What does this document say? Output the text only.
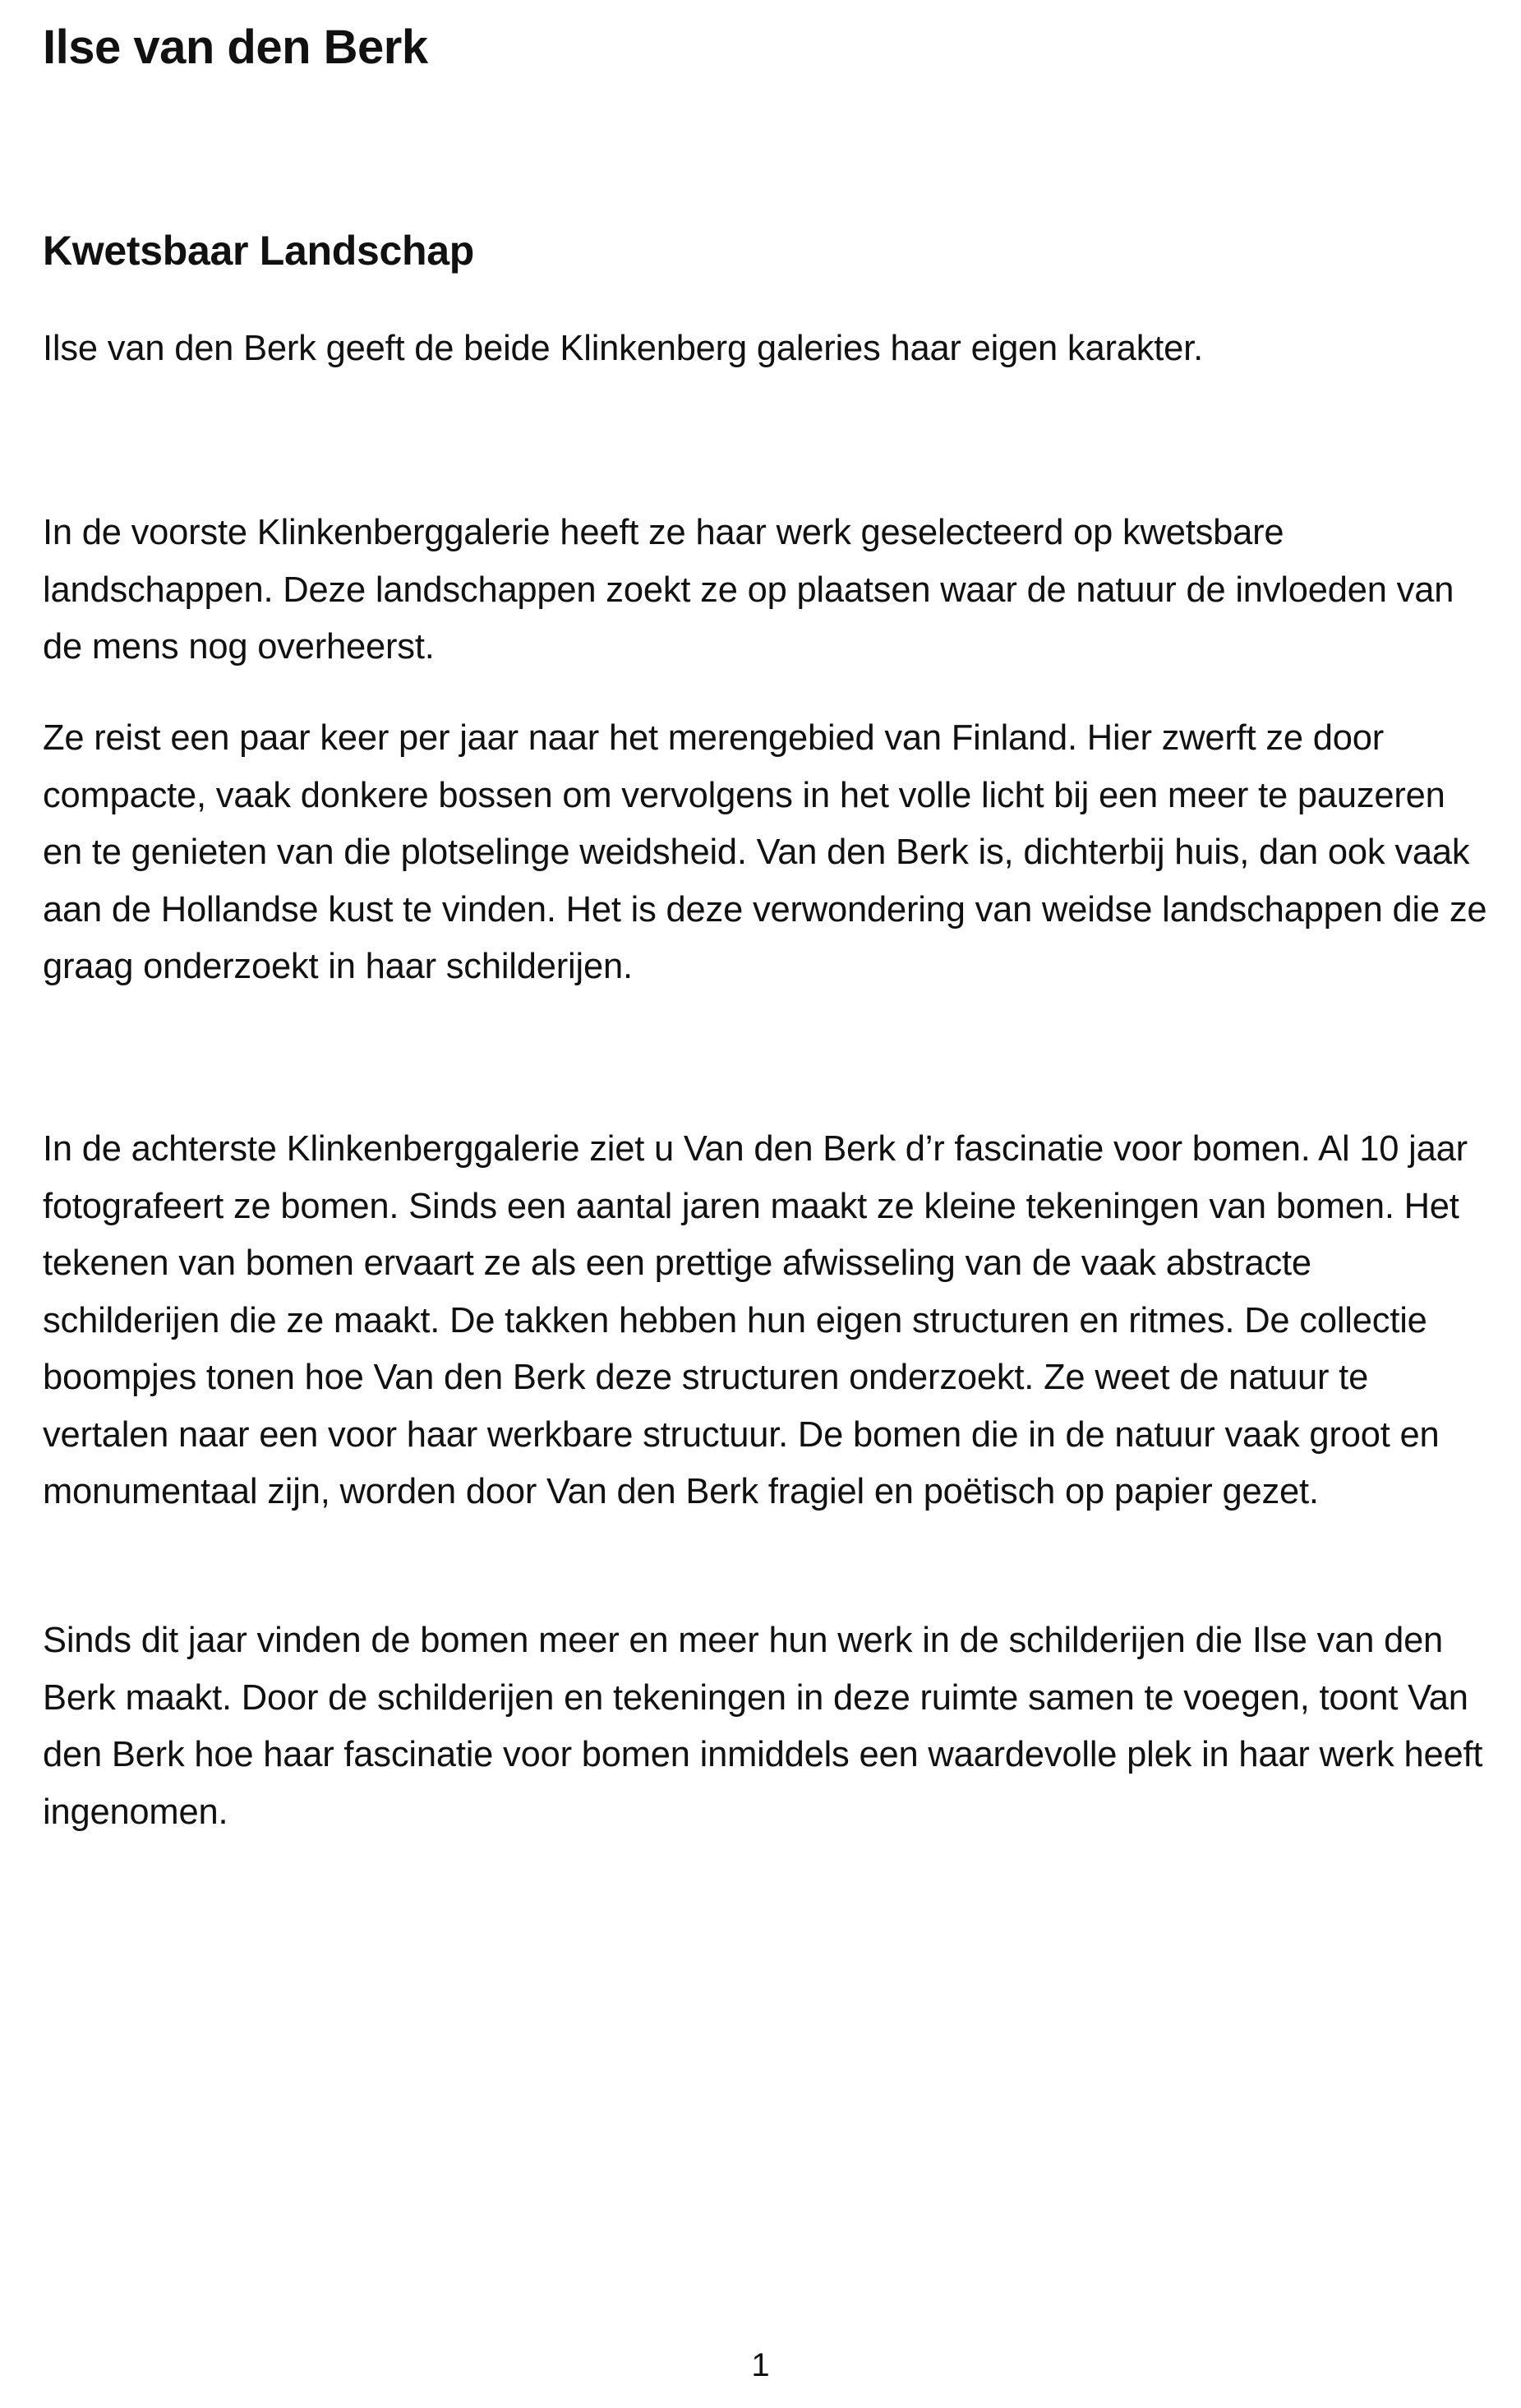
Ilse van den Berk
Kwetsbaar Landschap

Ilse van den Berk geeft de beide Klinkenberg galeries haar eigen karakter.

In de voorste Klinkenberggalerie heeft ze haar werk geselecteerd op kwetsbare landschappen. Deze landschappen zoekt ze op plaatsen waar de natuur de invloeden van de mens nog overheerst.

Ze reist een paar keer per jaar naar het merengebied van Finland. Hier zwerft ze door compacte, vaak donkere bossen om vervolgens in het volle licht bij een meer te pauzeren en te genieten van die plotselinge weidsheid. Van den Berk is, dichterbij huis, dan ook vaak aan de Hollandse kust te vinden. Het is deze verwondering van weidse landschappen die ze graag onderzoekt in haar schilderijen.

In de achterste Klinkenberggalerie ziet u Van den Berk d’r fascinatie voor bomen. Al 10 jaar fotografeert ze bomen. Sinds een aantal jaren maakt ze kleine tekeningen van bomen. Het tekenen van bomen ervaart ze als een prettige afwisseling van de vaak abstracte schilderijen die ze maakt. De takken hebben hun eigen structuren en ritmes. De collectie boompjes tonen hoe Van den Berk deze structuren onderzoekt. Ze weet de natuur te vertalen naar een voor haar werkbare structuur. De bomen die in de natuur vaak groot en monumentaal zijn, worden door Van den Berk fragiel en poëtisch op papier gezet.

Sinds dit jaar vinden de bomen meer en meer hun werk in de schilderijen die Ilse van den Berk maakt. Door de schilderijen en tekeningen in deze ruimte samen te voegen, toont Van den Berk hoe haar fascinatie voor bomen inmiddels een waardevolle plek in haar werk heeft ingenomen.

1
